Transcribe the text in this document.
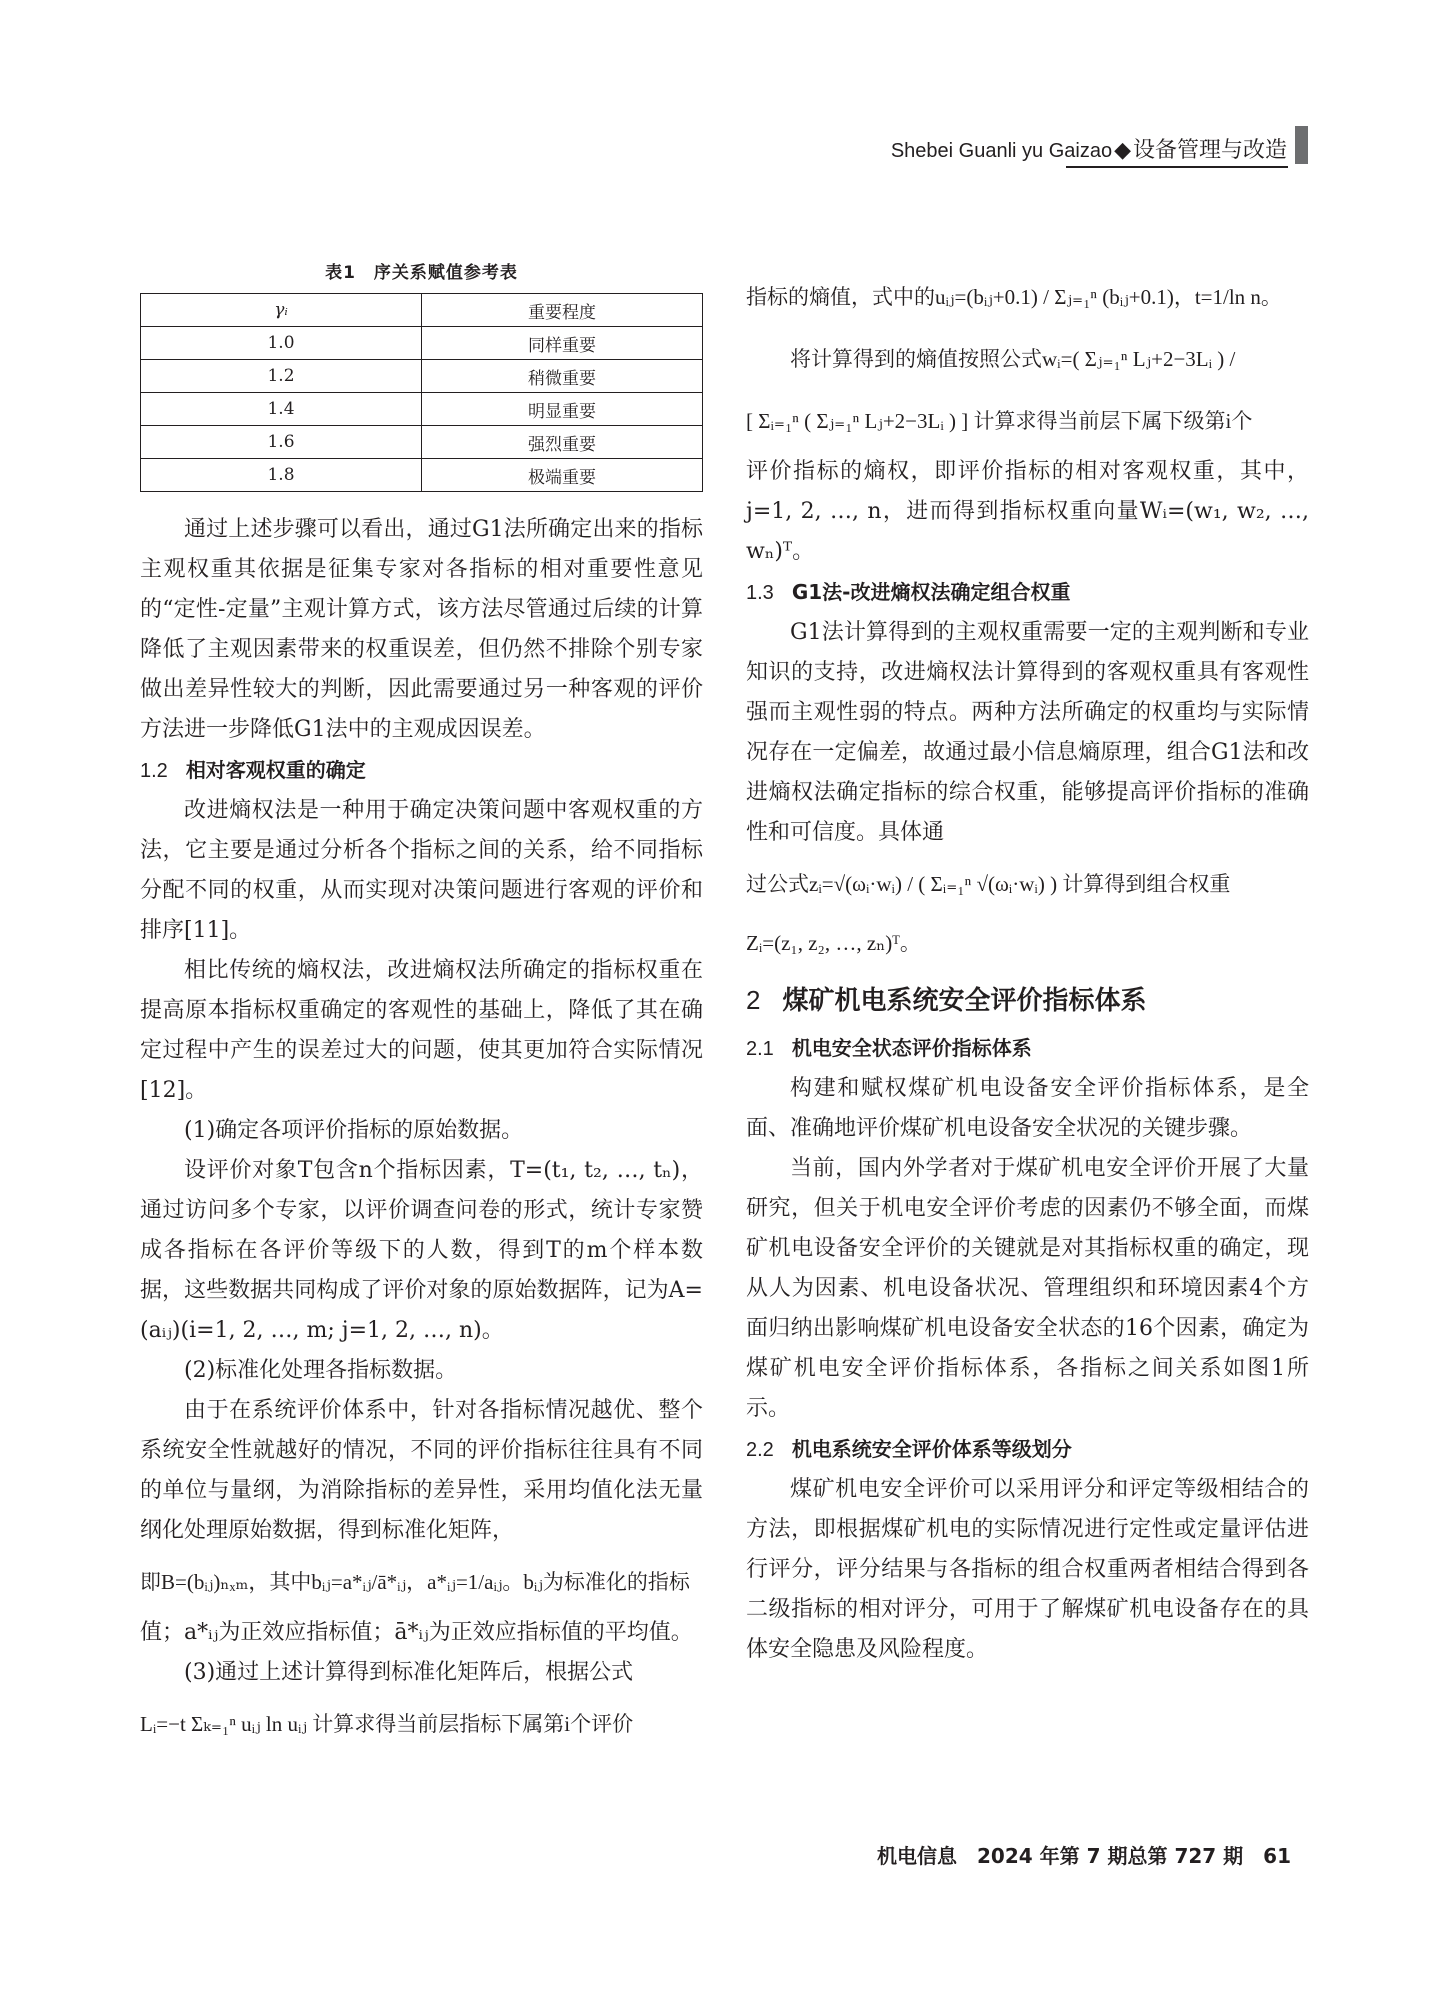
Shebei Guanli yu Gaizao ◆ 设备管理与改造
表1　序关系赋值参考表
γᵢ	重要程度
1.0	同样重要
1.2	稍微重要
1.4	明显重要
1.6	强烈重要
1.8	极端重要

通过上述步骤可以看出，通过G1法所确定出来的指标主观权重其依据是征集专家对各指标的相对重要性意见的“定性-定量”主观计算方式，该方法尽管通过后续的计算降低了主观因素带来的权重误差，但仍然不排除个别专家做出差异性较大的判断，因此需要通过另一种客观的评价方法进一步降低G1法中的主观成因误差。

1.2 相对客观权重的确定

改进熵权法是一种用于确定决策问题中客观权重的方法，它主要是通过分析各个指标之间的关系，给不同指标分配不同的权重，从而实现对决策问题进行客观的评价和排序[11]。

相比传统的熵权法，改进熵权法所确定的指标权重在提高原本指标权重确定的客观性的基础上，降低了其在确定过程中产生的误差过大的问题，使其更加符合实际情况[12]。

(1)确定各项评价指标的原始数据。

设评价对象T包含n个指标因素，T=(t₁, t₂, …, tₙ)，通过访问多个专家，以评价调查问卷的形式，统计专家赞成各指标在各评价等级下的人数，得到T的m个样本数据，这些数据共同构成了评价对象的原始数据阵，记为A=(aᵢⱼ)(i=1, 2, …, m; j=1, 2, …, n)。

(2)标准化处理各指标数据。

由于在系统评价体系中，针对各指标情况越优、整个系统安全性就越好的情况，不同的评价指标往往具有不同的单位与量纲，为消除指标的差异性，采用均值化法无量纲化处理原始数据，得到标准化矩阵，

即B=(bᵢⱼ)ₙₓₘ，其中bᵢⱼ=a*ᵢⱼ/ā*ᵢⱼ，a*ᵢⱼ=1/aᵢⱼ。bᵢⱼ为标准化的指标

值；a*ᵢⱼ为正效应指标值；ā*ᵢⱼ为正效应指标值的平均值。

(3)通过上述计算得到标准化矩阵后，根据公式

Lᵢ=−t Σₖ₌₁ⁿ uᵢⱼ ln uᵢⱼ 计算求得当前层指标下属第i个评价
指标的熵值，式中的uᵢⱼ=(bᵢⱼ+0.1) / Σⱼ₌₁ⁿ (bᵢⱼ+0.1)，t=1/ln n。
将计算得到的熵值按照公式wᵢ=( Σⱼ₌₁ⁿ Lⱼ+2−3Lᵢ ) /
[ Σᵢ₌₁ⁿ ( Σⱼ₌₁ⁿ Lⱼ+2−3Lᵢ ) ] 计算求得当前层下属下级第i个

评价指标的熵权，即评价指标的相对客观权重，其中，j=1, 2, …, n，进而得到指标权重向量Wᵢ=(w₁, w₂, …, wₙ)ᵀ。

1.3 G1法-改进熵权法确定组合权重

G1法计算得到的主观权重需要一定的主观判断和专业知识的支持，改进熵权法计算得到的客观权重具有客观性强而主观性弱的特点。两种方法所确定的权重均与实际情况存在一定偏差，故通过最小信息熵原理，组合G1法和改进熵权法确定指标的综合权重，能够提高评价指标的准确性和可信度。具体通

过公式zᵢ=√(ωᵢ·wᵢ) / ( Σᵢ₌₁ⁿ √(ωᵢ·wᵢ) ) 计算得到组合权重
Zᵢ=(z₁, z₂, …, zₙ)ᵀ。
2 煤矿机电系统安全评价指标体系
2.1 机电安全状态评价指标体系

构建和赋权煤矿机电设备安全评价指标体系，是全面、准确地评价煤矿机电设备安全状况的关键步骤。

当前，国内外学者对于煤矿机电安全评价开展了大量研究，但关于机电安全评价考虑的因素仍不够全面，而煤矿机电设备安全评价的关键就是对其指标权重的确定，现从人为因素、机电设备状况、管理组织和环境因素4个方面归纳出影响煤矿机电设备安全状态的16个因素，确定为煤矿机电安全评价指标体系，各指标之间关系如图1所示。

2.2 机电系统安全评价体系等级划分

煤矿机电安全评价可以采用评分和评定等级相结合的方法，即根据煤矿机电的实际情况进行定性或定量评估进行评分，评分结果与各指标的组合权重两者相结合得到各二级指标的相对评分，可用于了解煤矿机电设备存在的具体安全隐患及风险程度。

机电信息　2024 年第 7 期总第 727 期　61
